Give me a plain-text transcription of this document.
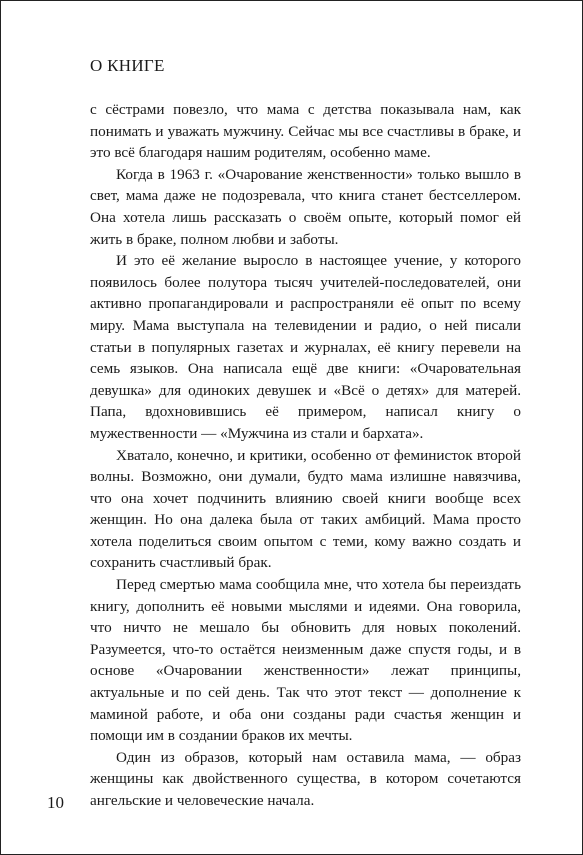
О КНИГЕ

с сёстрами повезло, что мама с детства показывала нам, как понимать и уважать мужчину. Сейчас мы все счастливы в браке, и это всё благодаря нашим родителям, особенно маме.

Когда в 1963 г. «Очарование женственности» только вышло в свет, мама даже не подозревала, что книга станет бестселлером. Она хотела лишь рассказать о своём опыте, который помог ей жить в браке, полном любви и заботы.

И это её желание выросло в настоящее учение, у которого появилось более полутора тысяч учителей-последователей, они активно пропагандировали и распространяли её опыт по всему миру. Мама выступала на телевидении и радио, о ней писали статьи в популярных газетах и журналах, её книгу перевели на семь языков. Она написала ещё две книги: «Очаровательная девушка» для одиноких девушек и «Всё о детях» для матерей. Папа, вдохновившись её примером, написал книгу о мужественности — «Мужчина из стали и бархата».

Хватало, конечно, и критики, особенно от феминисток второй волны. Возможно, они думали, будто мама излишне навязчива, что она хочет подчинить влиянию своей книги вообще всех женщин. Но она далека была от таких амбиций. Мама просто хотела поделиться своим опытом с теми, кому важно создать и сохранить счастливый брак.

Перед смертью мама сообщила мне, что хотела бы переиздать книгу, дополнить её новыми мыслями и идеями. Она говорила, что ничто не мешало бы обновить для новых поколений. Разумеется, что-то остаётся неизменным даже спустя годы, и в основе «Очаровании женственности» лежат принципы, актуальные и по сей день. Так что этот текст — дополнение к маминой работе, и оба они созданы ради счастья женщин и помощи им в создании браков их мечты.

Один из образов, который нам оставила мама, — образ женщины как двойственного существа, в котором сочетаются ангельские и человеческие начала.

10
